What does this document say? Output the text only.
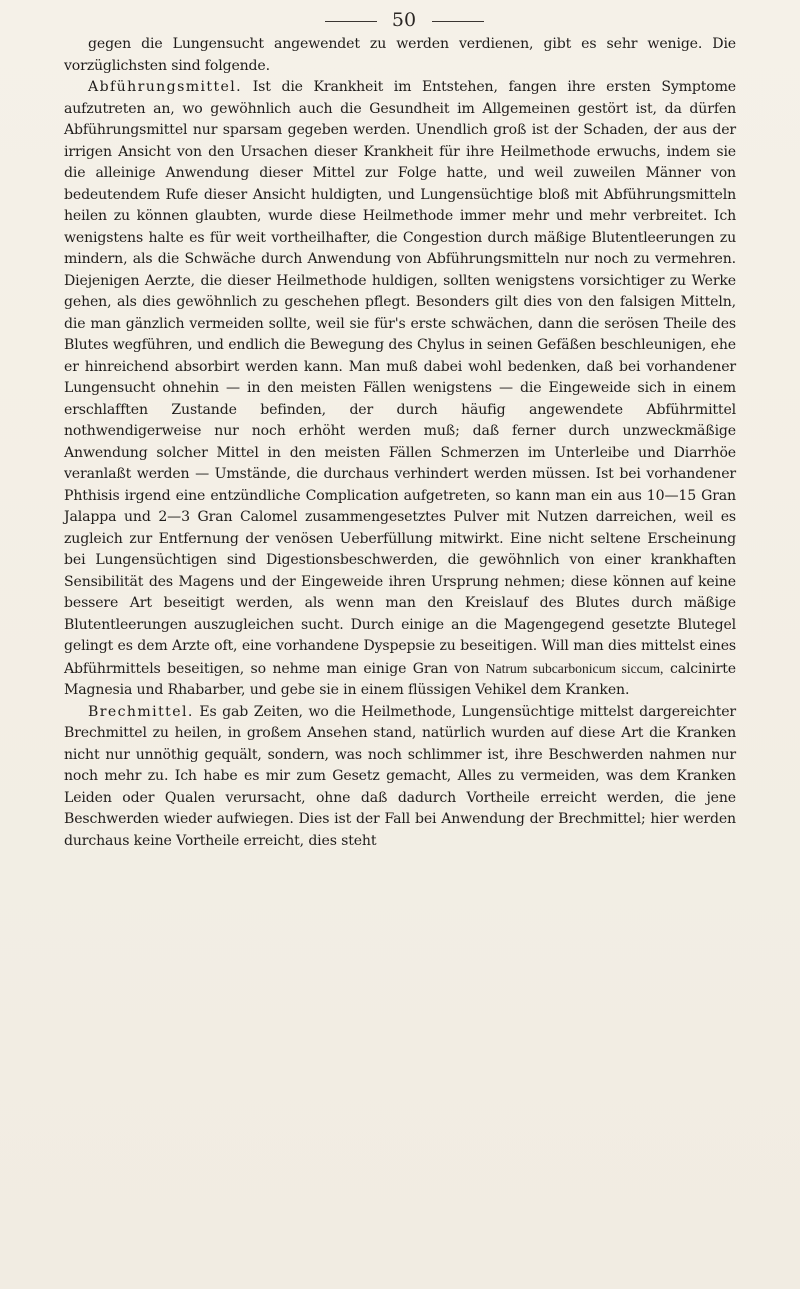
50

gegen die Lungensucht angewendet zu werden verdienen, gibt es sehr wenige. Die vorzüglichsten sind folgende.

Abführungsmittel. Ist die Krankheit im Entstehen, fangen ihre ersten Symptome aufzutreten an, wo gewöhnlich auch die Gesundheit im Allgemeinen gestört ist, da dürfen Abführungsmittel nur sparsam gegeben werden. Unendlich groß ist der Schaden, der aus der irrigen Ansicht von den Ursachen dieser Krankheit für ihre Heilmethode erwuchs, indem sie die alleinige Anwendung dieser Mittel zur Folge hatte, und weil zuweilen Männer von bedeutendem Rufe dieser Ansicht huldigten, und Lungensüchtige bloß mit Abführungsmitteln heilen zu können glaubten, wurde diese Heilmethode immer mehr und mehr verbreitet. Ich wenigstens halte es für weit vortheilhafter, die Congestion durch mäßige Blutentleerungen zu mindern, als die Schwäche durch Anwendung von Abführungsmitteln nur noch zu vermehren. Diejenigen Aerzte, die dieser Heilmethode huldigen, sollten wenigstens vorsichtiger zu Werke gehen, als dies gewöhnlich zu geschehen pflegt. Besonders gilt dies von den falsigen Mitteln, die man gänzlich vermeiden sollte, weil sie für's erste schwächen, dann die serösen Theile des Blutes wegführen, und endlich die Bewegung des Chylus in seinen Gefäßen beschleunigen, ehe er hinreichend absorbirt werden kann. Man muß dabei wohl bedenken, daß bei vorhandener Lungensucht ohnehin — in den meisten Fällen wenigstens — die Eingeweide sich in einem erschlafften Zustande befinden, der durch häufig angewendete Abführmittel nothwendigerweise nur noch erhöht werden muß; daß ferner durch unzweckmäßige Anwendung solcher Mittel in den meisten Fällen Schmerzen im Unterleibe und Diarrhöe veranlaßt werden — Umstände, die durchaus verhindert werden müssen. Ist bei vorhandener Phthisis irgend eine entzündliche Complication aufgetreten, so kann man ein aus 10—15 Gran Jalappa und 2—3 Gran Calomel zusammengesetztes Pulver mit Nutzen darreichen, weil es zugleich zur Entfernung der venösen Ueberfüllung mitwirkt. Eine nicht seltene Erscheinung bei Lungensüchtigen sind Digestionsbeschwerden, die gewöhnlich von einer krankhaften Sensibilität des Magens und der Eingeweide ihren Ursprung nehmen; diese können auf keine bessere Art beseitigt werden, als wenn man den Kreislauf des Blutes durch mäßige Blutentleerungen auszugleichen sucht. Durch einige an die Magengegend gesetzte Blutegel gelingt es dem Arzte oft, eine vorhandene Dyspepsie zu beseitigen. Will man dies mittelst eines Abführmittels beseitigen, so nehme man einige Gran von Natrum subcarbonicum siccum, calcinirte Magnesia und Rhabarber, und gebe sie in einem flüssigen Vehikel dem Kranken.

Brechmittel. Es gab Zeiten, wo die Heilmethode, Lungensüchtige mittelst dargereichter Brechmittel zu heilen, in großem Ansehen stand, natürlich wurden auf diese Art die Kranken nicht nur unnöthig gequält, sondern, was noch schlimmer ist, ihre Beschwerden nahmen nur noch mehr zu. Ich habe es mir zum Gesetz gemacht, Alles zu vermeiden, was dem Kranken Leiden oder Qualen verursacht, ohne daß dadurch Vortheile erreicht werden, die jene Beschwerden wieder aufwiegen. Dies ist der Fall bei Anwendung der Brechmittel; hier werden durchaus keine Vortheile erreicht, dies steht
